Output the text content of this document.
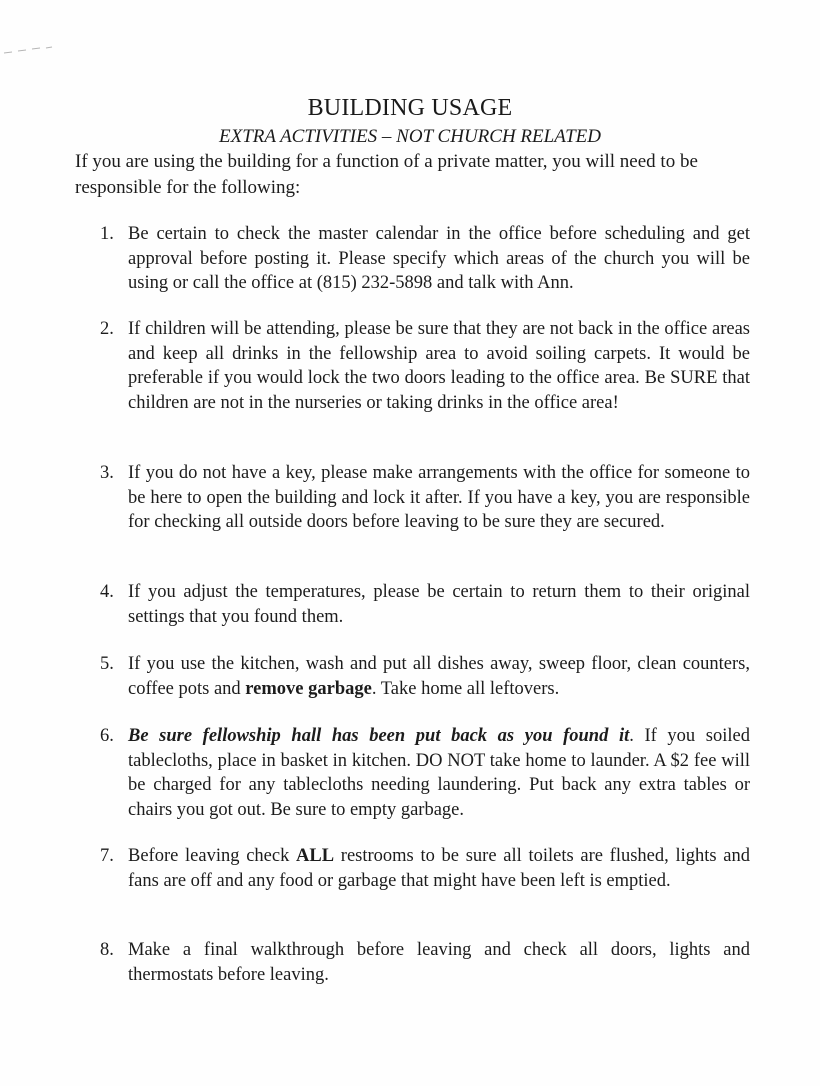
BUILDING USAGE
EXTRA ACTIVITIES – NOT CHURCH RELATED
If you are using the building for a function of a private matter, you will need to be responsible for the following:
1. Be certain to check the master calendar in the office before scheduling and get approval before posting it. Please specify which areas of the church you will be using or call the office at (815) 232-5898 and talk with Ann.
2. If children will be attending, please be sure that they are not back in the office areas and keep all drinks in the fellowship area to avoid soiling carpets. It would be preferable if you would lock the two doors leading to the office area. Be SURE that children are not in the nurseries or taking drinks in the office area!
3. If you do not have a key, please make arrangements with the office for someone to be here to open the building and lock it after. If you have a key, you are responsible for checking all outside doors before leaving to be sure they are secured.
4. If you adjust the temperatures, please be certain to return them to their original settings that you found them.
5. If you use the kitchen, wash and put all dishes away, sweep floor, clean counters, coffee pots and remove garbage. Take home all leftovers.
6. Be sure fellowship hall has been put back as you found it. If you soiled tablecloths, place in basket in kitchen. DO NOT take home to launder. A $2 fee will be charged for any tablecloths needing laundering. Put back any extra tables or chairs you got out. Be sure to empty garbage.
7. Before leaving check ALL restrooms to be sure all toilets are flushed, lights and fans are off and any food or garbage that might have been left is emptied.
8. Make a final walkthrough before leaving and check all doors, lights and thermostats before leaving.
